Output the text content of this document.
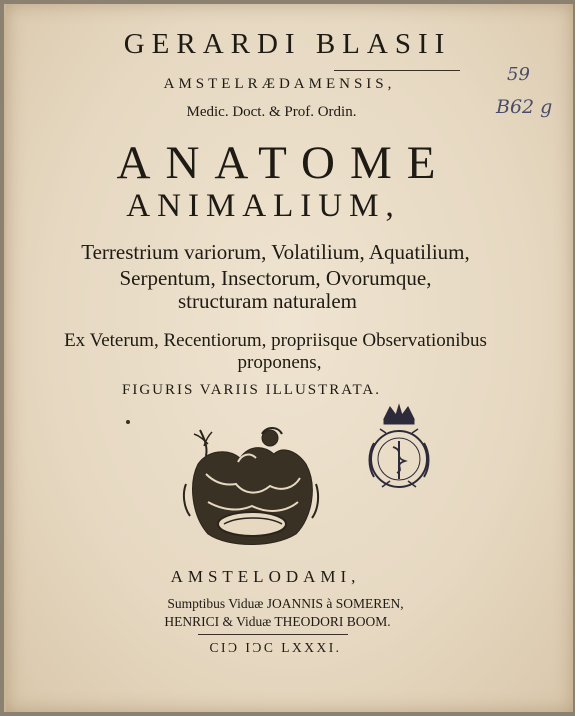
GERARDI BLASII
AMSTELRÆDAMENSIS,
Medic. Doct. & Prof. Ordin.
ANATOME
ANIMALIUM,
Terrestrium variorum, Volatilium, Aquatilium,
Serpentum, Insectorum, Ovorumque,
structuram naturalem
Ex Veterum, Recentiorum, propriisque Observationibus
proponens,
FIGURIS VARIIS ILLUSTRATA.
59
B62 g
AMSTELODAMI,
Sumptibus Viduæ JOANNIS à SOMEREN,
HENRICI & Viduæ THEODORI BOOM.
CIƆ IƆC LXXXI.
